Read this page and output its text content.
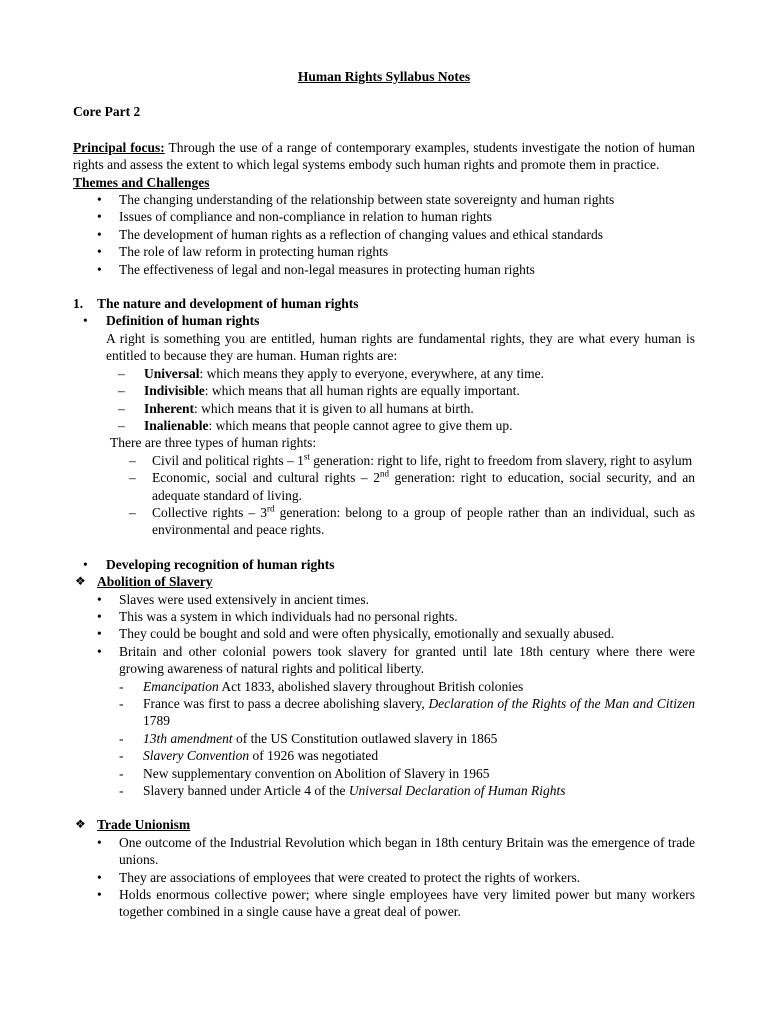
Human Rights Syllabus Notes
Core Part 2

Principal focus: Through the use of a range of contemporary examples, students investigate the notion of human rights and assess the extent to which legal systems embody such human rights and promote them in practice.

Themes and Challenges
• The changing understanding of the relationship between state sovereignty and human rights
• Issues of compliance and non-compliance in relation to human rights
• The development of human rights as a reflection of changing values and ethical standards
• The role of law reform in protecting human rights
• The effectiveness of legal and non-legal measures in protecting human rights
1. The nature and development of human rights
• Definition of human rights
A right is something you are entitled, human rights are fundamental rights, they are what every human is entitled to because they are human. Human rights are:
– Universal: which means they apply to everyone, everywhere, at any time.
– Indivisible: which means that all human rights are equally important.
– Inherent: which means that it is given to all humans at birth.
– Inalienable: which means that people cannot agree to give them up.
There are three types of human rights:
– Civil and political rights – 1st generation: right to life, right to freedom from slavery, right to asylum
– Economic, social and cultural rights – 2nd generation: right to education, social security, and an adequate standard of living.
– Collective rights – 3rd generation: belong to a group of people rather than an individual, such as environmental and peace rights.
• Developing recognition of human rights
❖ Abolition of Slavery
• Slaves were used extensively in ancient times.
• This was a system in which individuals had no personal rights.
• They could be bought and sold and were often physically, emotionally and sexually abused.
• Britain and other colonial powers took slavery for granted until late 18th century where there were growing awareness of natural rights and political liberty.
- Emancipation Act 1833, abolished slavery throughout British colonies
- France was first to pass a decree abolishing slavery, Declaration of the Rights of the Man and Citizen 1789
- 13th amendment of the US Constitution outlawed slavery in 1865
- Slavery Convention of 1926 was negotiated
- New supplementary convention on Abolition of Slavery in 1965
- Slavery banned under Article 4 of the Universal Declaration of Human Rights
❖ Trade Unionism
• One outcome of the Industrial Revolution which began in 18th century Britain was the emergence of trade unions.
• They are associations of employees that were created to protect the rights of workers.
• Holds enormous collective power; where single employees have very limited power but many workers together combined in a single cause have a great deal of power.
